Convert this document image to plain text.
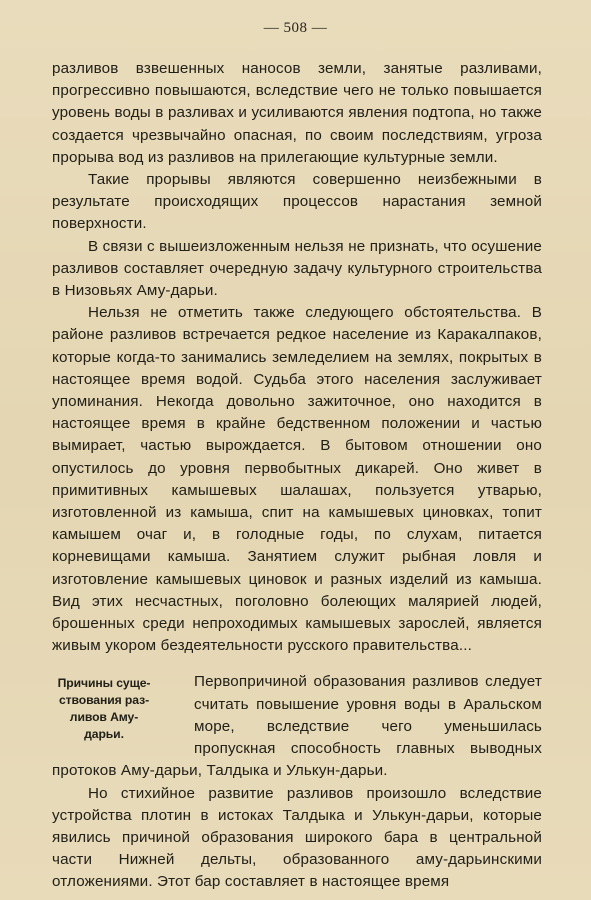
— 508 —

разливов взвешенных наносов земли, занятые разливами, прогрессивно повышаются, вследствие чего не только повышается уровень воды в разливах и усиливаются явления подтопа, но также создается чрезвычайно опасная, по своим последствиям, угроза прорыва вод из разливов на прилегающие культурные земли.

Такие прорывы являются совершенно неизбежными в результате происходящих процессов нарастания земной поверхности.

В связи с вышеизложенным нельзя не признать, что осушение разливов составляет очередную задачу культурного строительства в Низовьях Аму-дарьи.

Нельзя не отметить также следующего обстоятельства. В районе разливов встречается редкое население из Каракалпаков, которые когда-то занимались земледелием на землях, покрытых в настоящее время водой. Судьба этого населения заслуживает упоминания. Некогда довольно зажиточное, оно находится в настоящее время в крайне бедственном положении и частью вымирает, частью вырождается. В бытовом отношении оно опустилось до уровня первобытных дикарей. Оно живет в примитивных камышевых шалашах, пользуется утварью, изготовленной из камыша, спит на камышевых циновках, топит камышем очаг и, в голодные годы, по слухам, питается корневищами камыша. Занятием служит рыбная ловля и изготовление камышевых циновок и разных изделий из камыша. Вид этих несчастных, поголовно болеющих малярией людей, брошенных среди непроходимых камышевых зарослей, является живым укором бездеятельности русского правительства...

Причины суще-
ствования раз-
ливов Аму-
дарьи.

Первопричиной образования разливов следует считать повышение уровня воды в Аральском море, вследствие чего уменьшилась пропускная способность главных выводных протоков Аму-дарьи, Талдыка и Улькун-дарьи.

Но стихийное развитие разливов произошло вследствие устройства плотин в истоках Талдыка и Улькун-дарьи, которые явились причиной образования широкого бара в центральной части Нижней дельты, образованного аму-дарьинскими отложениями. Этот бар составляет в настоящее время
